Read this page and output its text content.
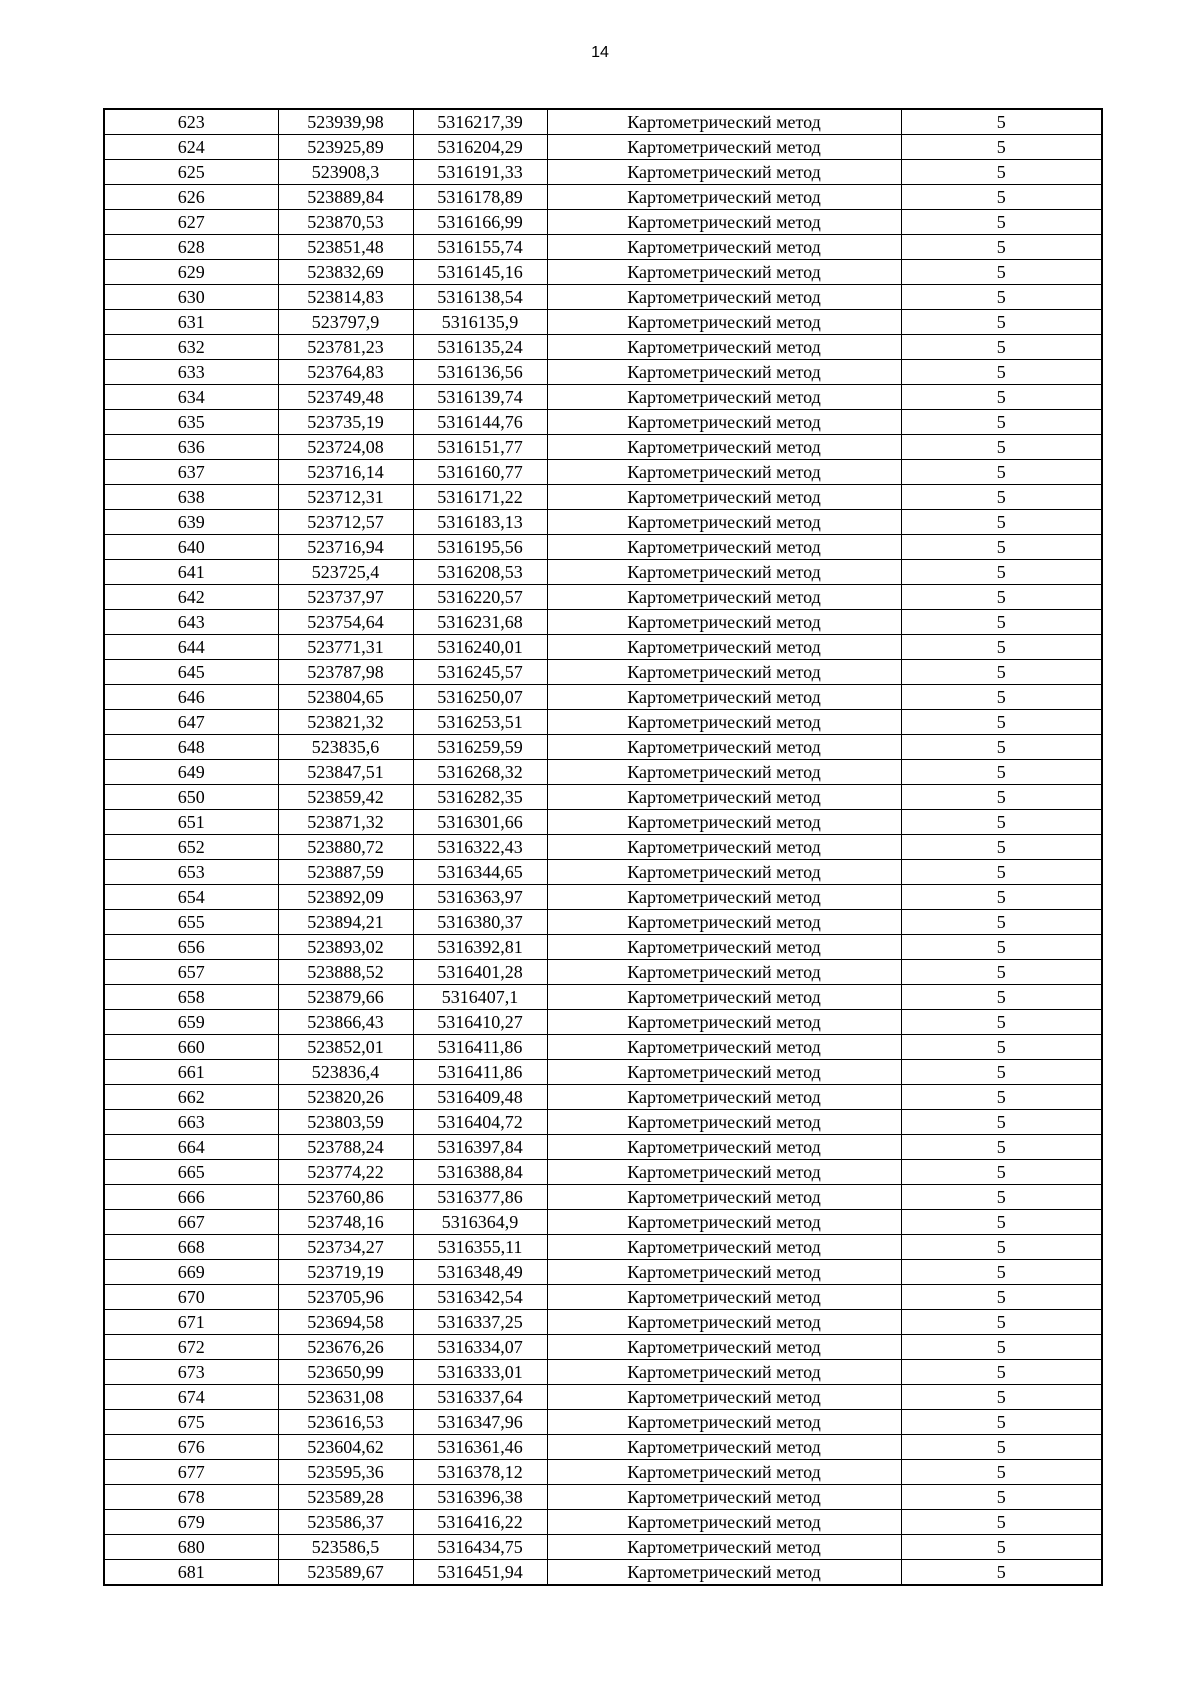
14
623	523939,98	5316217,39	Картометрический метод	5
624	523925,89	5316204,29	Картометрический метод	5
625	523908,3	5316191,33	Картометрический метод	5
626	523889,84	5316178,89	Картометрический метод	5
627	523870,53	5316166,99	Картометрический метод	5
628	523851,48	5316155,74	Картометрический метод	5
629	523832,69	5316145,16	Картометрический метод	5
630	523814,83	5316138,54	Картометрический метод	5
631	523797,9	5316135,9	Картометрический метод	5
632	523781,23	5316135,24	Картометрический метод	5
633	523764,83	5316136,56	Картометрический метод	5
634	523749,48	5316139,74	Картометрический метод	5
635	523735,19	5316144,76	Картометрический метод	5
636	523724,08	5316151,77	Картометрический метод	5
637	523716,14	5316160,77	Картометрический метод	5
638	523712,31	5316171,22	Картометрический метод	5
639	523712,57	5316183,13	Картометрический метод	5
640	523716,94	5316195,56	Картометрический метод	5
641	523725,4	5316208,53	Картометрический метод	5
642	523737,97	5316220,57	Картометрический метод	5
643	523754,64	5316231,68	Картометрический метод	5
644	523771,31	5316240,01	Картометрический метод	5
645	523787,98	5316245,57	Картометрический метод	5
646	523804,65	5316250,07	Картометрический метод	5
647	523821,32	5316253,51	Картометрический метод	5
648	523835,6	5316259,59	Картометрический метод	5
649	523847,51	5316268,32	Картометрический метод	5
650	523859,42	5316282,35	Картометрический метод	5
651	523871,32	5316301,66	Картометрический метод	5
652	523880,72	5316322,43	Картометрический метод	5
653	523887,59	5316344,65	Картометрический метод	5
654	523892,09	5316363,97	Картометрический метод	5
655	523894,21	5316380,37	Картометрический метод	5
656	523893,02	5316392,81	Картометрический метод	5
657	523888,52	5316401,28	Картометрический метод	5
658	523879,66	5316407,1	Картометрический метод	5
659	523866,43	5316410,27	Картометрический метод	5
660	523852,01	5316411,86	Картометрический метод	5
661	523836,4	5316411,86	Картометрический метод	5
662	523820,26	5316409,48	Картометрический метод	5
663	523803,59	5316404,72	Картометрический метод	5
664	523788,24	5316397,84	Картометрический метод	5
665	523774,22	5316388,84	Картометрический метод	5
666	523760,86	5316377,86	Картометрический метод	5
667	523748,16	5316364,9	Картометрический метод	5
668	523734,27	5316355,11	Картометрический метод	5
669	523719,19	5316348,49	Картометрический метод	5
670	523705,96	5316342,54	Картометрический метод	5
671	523694,58	5316337,25	Картометрический метод	5
672	523676,26	5316334,07	Картометрический метод	5
673	523650,99	5316333,01	Картометрический метод	5
674	523631,08	5316337,64	Картометрический метод	5
675	523616,53	5316347,96	Картометрический метод	5
676	523604,62	5316361,46	Картометрический метод	5
677	523595,36	5316378,12	Картометрический метод	5
678	523589,28	5316396,38	Картометрический метод	5
679	523586,37	5316416,22	Картометрический метод	5
680	523586,5	5316434,75	Картометрический метод	5
681	523589,67	5316451,94	Картометрический метод	5
